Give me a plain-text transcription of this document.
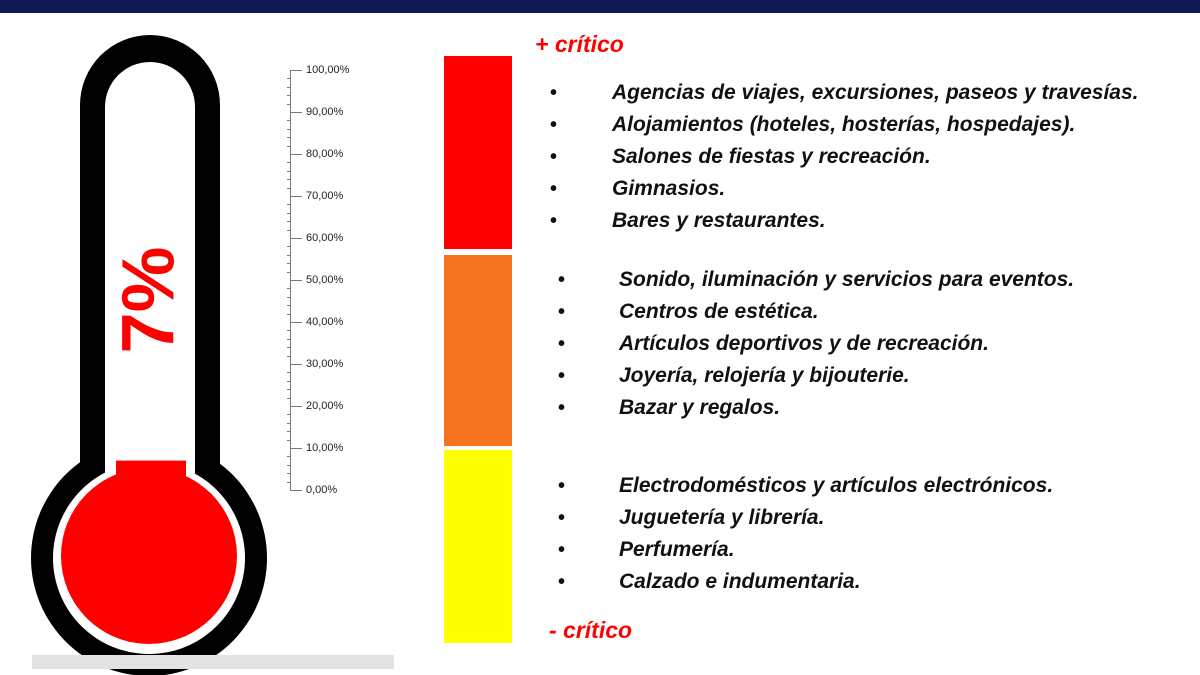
7%
100,00%
90,00%
80,00%
70,00%
60,00%
50,00%
40,00%
30,00%
20,00%
10,00%
0,00%
+ crítico
- crítico
•	Agencias de viajes, excursiones, paseos y travesías.
•	Alojamientos (hoteles, hosterías, hospedajes).
•	Salones de fiestas y recreación.
•	Gimnasios.
•	Bares y restaurantes.
•	Sonido, iluminación y servicios para eventos.
•	Centros de estética.
•	Artículos deportivos y de recreación.
•	Joyería, relojería y bijouterie.
•	Bazar y regalos.
•	Electrodomésticos y artículos electrónicos.
•	Juguetería y librería.
•	Perfumería.
•	Calzado e indumentaria.
